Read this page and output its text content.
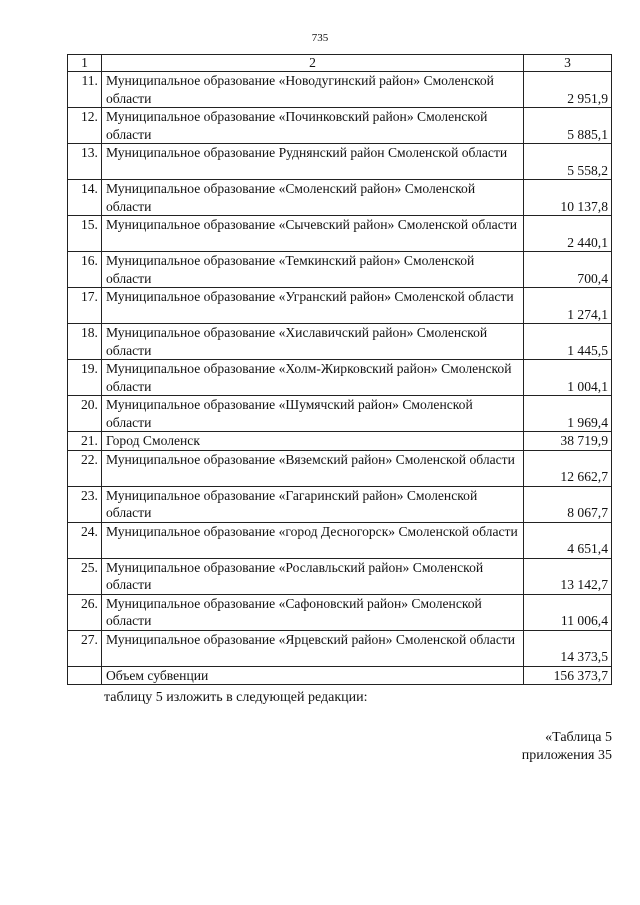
735
1	2	3
11.	Муниципальное образование «Новодугинский район» Смоленской области	2 951,9
12.	Муниципальное образование «Починковский район» Смоленской области	5 885,1
13.	Муниципальное образование Руднянский район Смоленской области	5 558,2
14.	Муниципальное образование «Смоленский район» Смоленской области	10 137,8
15.	Муниципальное образование «Сычевский район» Смоленской области	2 440,1
16.	Муниципальное образование «Темкинский район» Смоленской области	700,4
17.	Муниципальное образование «Угранский район» Смоленской области	1 274,1
18.	Муниципальное образование «Хиславичский район» Смоленской области	1 445,5
19.	Муниципальное образование «Холм-Жирковский район» Смоленской области	1 004,1
20.	Муниципальное образование «Шумячский район» Смоленской области	1 969,4
21.	Город Смоленск	38 719,9
22.	Муниципальное образование «Вяземский район» Смоленской области	12 662,7
23.	Муниципальное образование «Гагаринский район» Смоленской области	8 067,7
24.	Муниципальное образование «город Десногорск» Смоленской области	4 651,4
25.	Муниципальное образование «Рославльский район» Смоленской области	13 142,7
26.	Муниципальное образование «Сафоновский район» Смоленской области	11 006,4
27.	Муниципальное образование «Ярцевский район» Смоленской области	14 373,5
	Объем субвенции	156 373,7
таблицу 5 изложить в следующей редакции:
«Таблица 5
приложения 35
